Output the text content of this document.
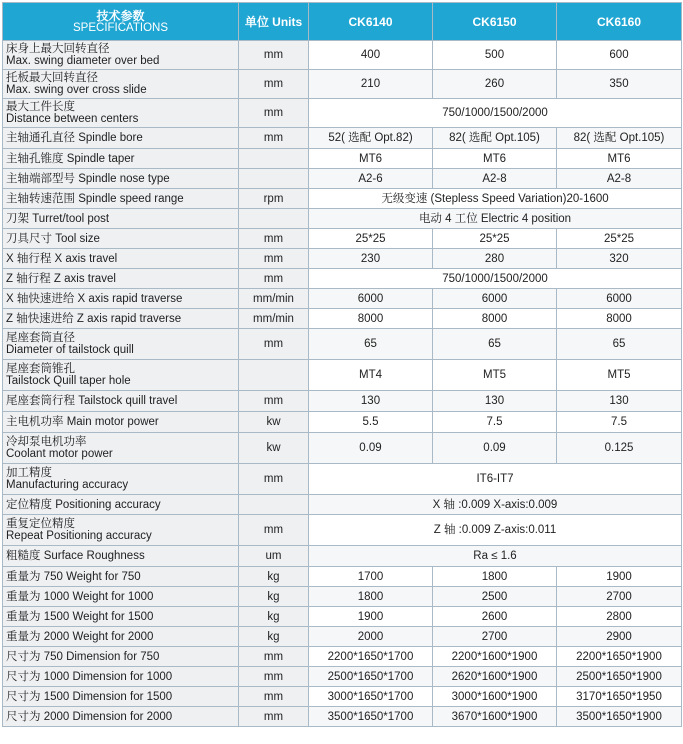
技术参数
SPECIFICATIONS	单位 Units	CK6140	CK6150	CK6160

床身上最大回转直径
Max. swing diameter over bed	mm	400	500	600

托板最大回转直径
Max. swing over cross slide	mm	210	260	350

最大工件长度
Distance between centers	mm	750/1000/1500/2000		
主轴通孔直径 Spindle bore	mm	52( 选配 Opt.82)	82( 选配 Opt.105)	82( 选配 Opt.105)
主轴孔锥度 Spindle taper		MT6	MT6	MT6
主轴端部型号 Spindle nose type		A2-6	A2-8	A2-8
主轴转速范围 Spindle speed range	rpm	无级变速 (Stepless Speed Variation)20-1600		
刀架 Turret/tool post		电动 4 工位 Electric 4 position		
刀具尺寸 Tool size	mm	25*25	25*25	25*25
X 轴行程 X axis travel	mm	230	280	320
Z 轴行程 Z axis travel	mm	750/1000/1500/2000		
X 轴快速进给 X axis rapid traverse	mm/min	6000	6000	6000
Z 轴快速进给 Z axis rapid traverse	mm/min	8000	8000	8000

尾座套筒直径
Diameter of tailstock quill	mm	65	65	65

尾座套筒锥孔
Tailstock Quill taper hole		MT4	MT5	MT5
尾座套筒行程 Tailstock quill travel	mm	130	130	130
主电机功率 Main motor power	kw	5.5	7.5	7.5

冷却泵电机功率
Coolant motor power	kw	0.09	0.09	0.125

加工精度
Manufacturing accuracy	mm	IT6-IT7		
定位精度 Positioning accuracy		X 轴 :0.009 X-axis:0.009		

重复定位精度
Repeat Positioning accuracy	mm	Z 轴 :0.009 Z-axis:0.011		
粗糙度 Surface Roughness	um	Ra ≤ 1.6		
重量为 750 Weight for 750	kg	1700	1800	1900
重量为 1000 Weight for 1000	kg	1800	2500	2700
重量为 1500 Weight for 1500	kg	1900	2600	2800
重量为 2000 Weight for 2000	kg	2000	2700	2900
尺寸为 750 Dimension for 750	mm	2200*1650*1700	2200*1600*1900	2200*1650*1900
尺寸为 1000 Dimension for 1000	mm	2500*1650*1700	2620*1600*1900	2500*1650*1900
尺寸为 1500 Dimension for 1500	mm	3000*1650*1700	3000*1600*1900	3170*1650*1950
尺寸为 2000 Dimension for 2000	mm	3500*1650*1700	3670*1600*1900	3500*1650*1900
